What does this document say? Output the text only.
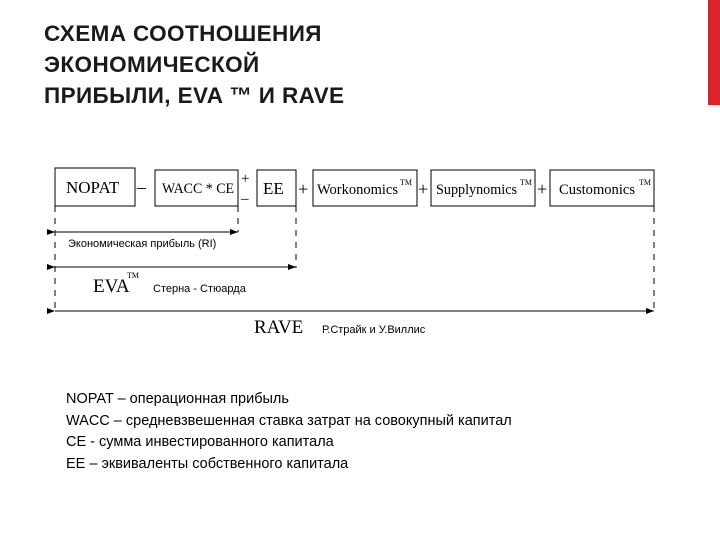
СХЕМА СООТНОШЕНИЯ
ЭКОНОМИЧЕСКОЙ
ПРИБЫЛИ, EVA ™ И RAVE
NOPAT	WACC * CE EE Workonomics TM Supplynomics TM Customonics TM
–	+
–	+	+	+
Экономическая прибыль (RI)
EVA
TM
Стерна - Стюарда
RAVE Р.Страйк и У.Виллис
NOPAT – операционная прибыль
WACC – средневзвешенная ставка затрат на совокупный капитал
CE - сумма инвестированного капитала
EE – эквиваленты собственного капитала
